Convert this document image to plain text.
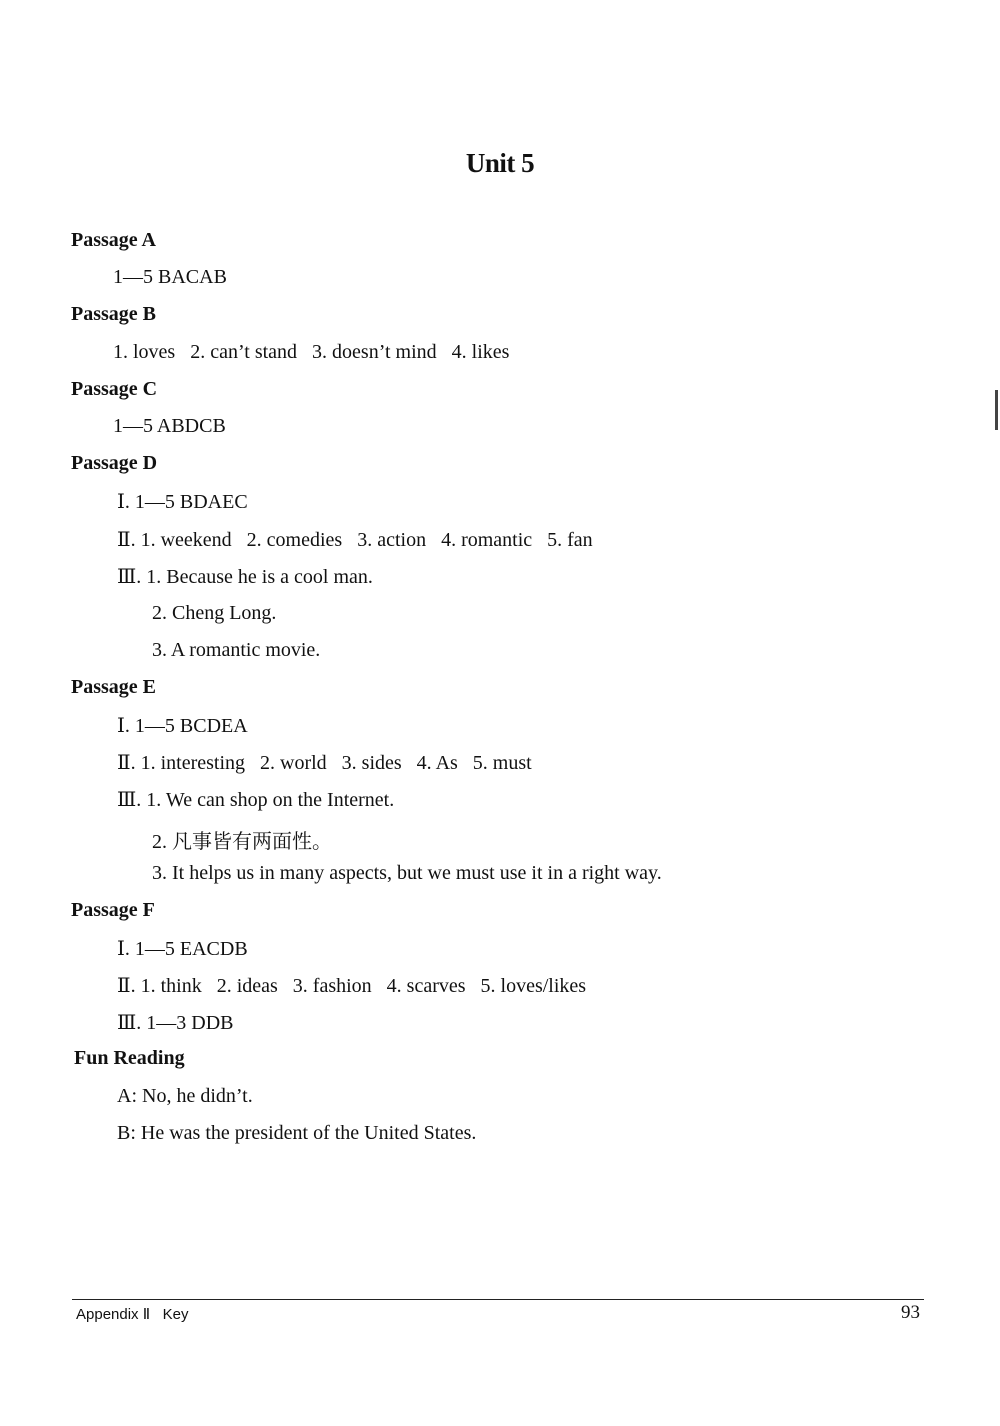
Unit 5
Passage A
1—5 BACAB
Passage B
1. loves   2. can’t stand   3. doesn’t mind   4. likes
Passage C
1—5 ABDCB
Passage D
Ⅰ. 1—5 BDAEC
Ⅱ. 1. weekend   2. comedies   3. action   4. romantic   5. fan
Ⅲ. 1. Because he is a cool man.
2. Cheng Long.
3. A romantic movie.
Passage E
Ⅰ. 1—5 BCDEA
Ⅱ. 1. interesting   2. world   3. sides   4. As   5. must
Ⅲ. 1. We can shop on the Internet.
2. 凡事皆有两面性。
3. It helps us in many aspects, but we must use it in a right way.
Passage F
Ⅰ. 1—5 EACDB
Ⅱ. 1. think   2. ideas   3. fashion   4. scarves   5. loves/likes
Ⅲ. 1—3 DDB
Fun Reading
A: No, he didn’t.
B: He was the president of the United States.
Appendix Ⅱ   Key	93
